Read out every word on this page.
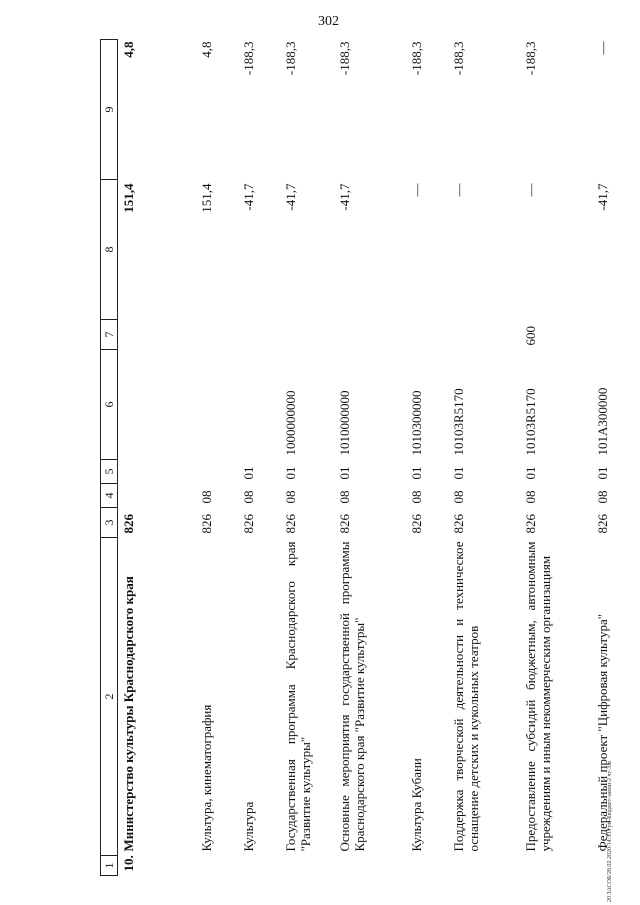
302
20 ЗАСОБ/28.02.2020/14:33/гум-Бюджет-закон-2 чт-3.п
1	2	3	4	5	6	7	8	9
10.	Министерство культуры Краснодарского края	826					151,4	4,8
	Культура, кинематография	826	08				151,4	4,8
	Культура	826	08	01			-41,7	-188,3
	Государственная программа Краснодарского края "Развитие культуры"	826	08	01	1000000000		-41,7	-188,3
	Основные мероприятия государственной программы Краснодарского края "Развитие культуры"	826	08	01	1010000000		-41,7	-188,3
	Культура Кубани	826	08	01	1010300000		—	-188,3
	Поддержка творческой деятельности и техническое оснащение детских и кукольных театров	826	08	01	10103R5170		—	-188,3
	Предоставление субсидий бюджетным, автономным учреждениям и иным некоммерческим организациям	826	08	01	10103R5170	600	—	-188,3
	Федеральный проект "Цифровая культура"	826	08	01	101A300000		-41,7	—
